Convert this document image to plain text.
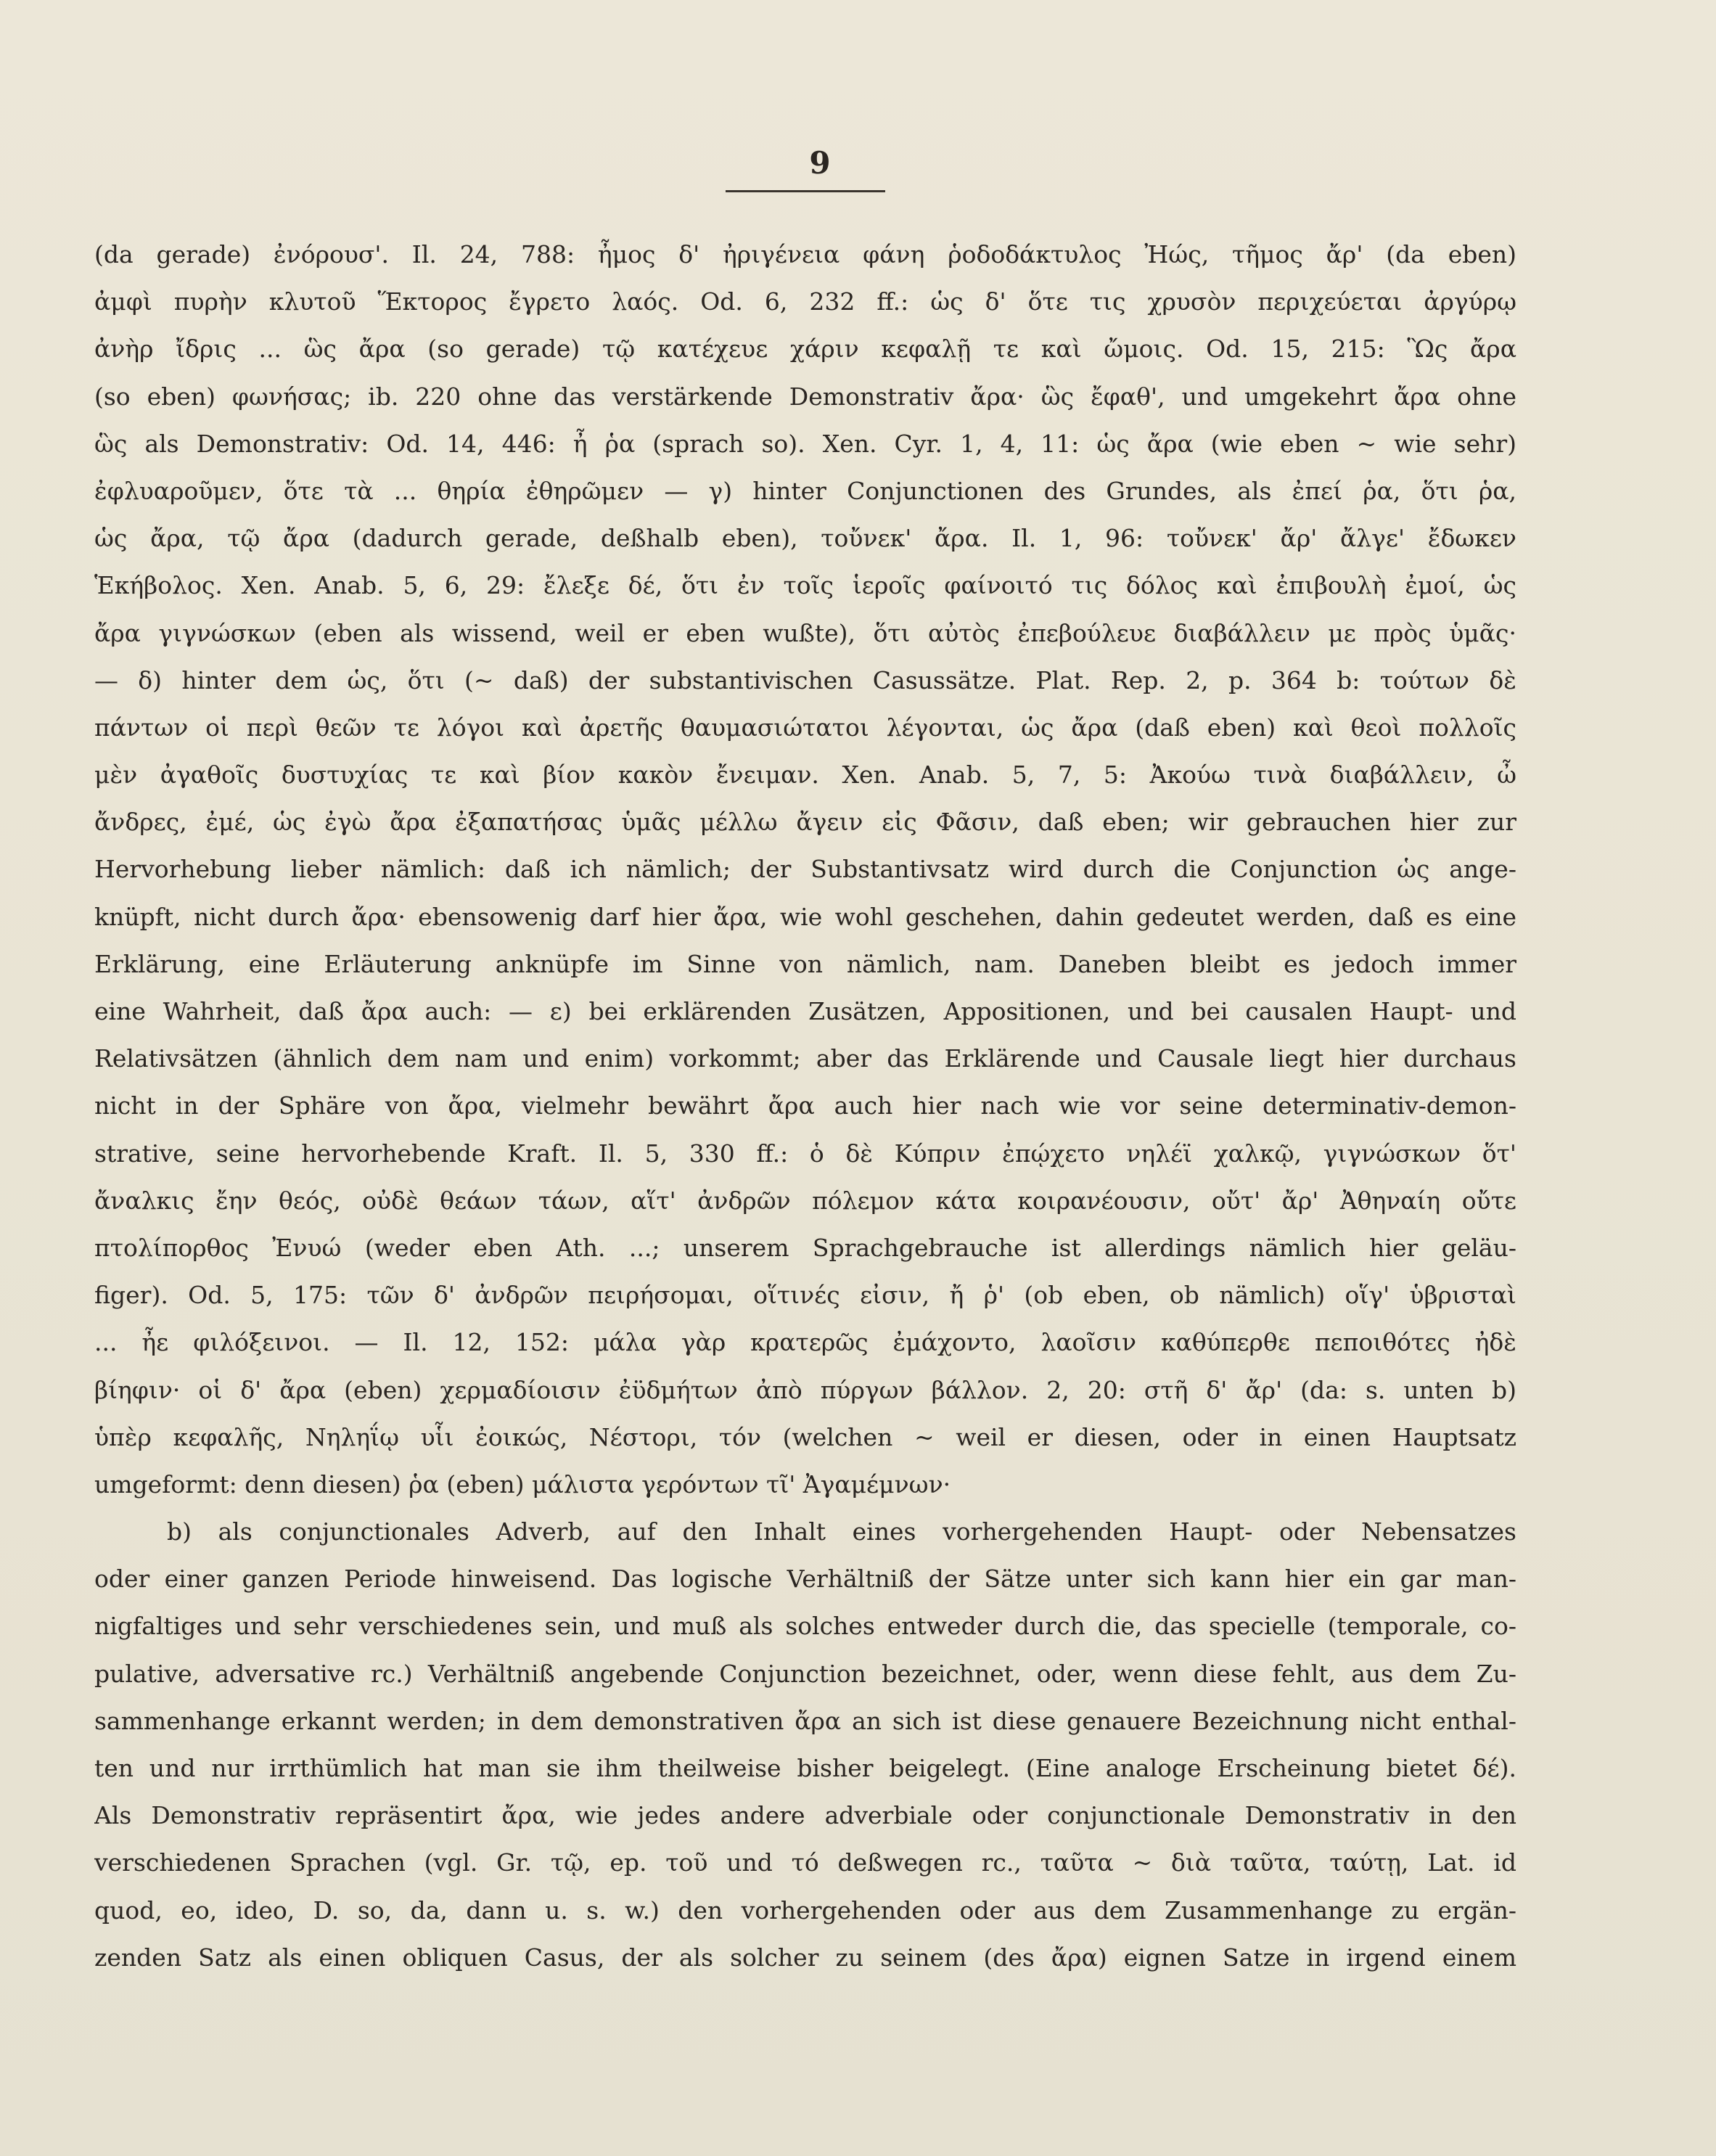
9
(da gerade) ἐνόρουσ'. Il. 24, 788: ἦμος δ' ἠριγένεια φάνη ῥοδοδάκτυλος Ἠώς, τῆμος ἄρ' (da eben)
ἀμφὶ πυρὴν κλυτοῦ Ἕκτορος ἔγρετο λαός. Od. 6, 232 ff.: ὡς δ' ὅτε τις χρυσὸν περιχεύεται ἀργύρῳ
ἀνὴρ ἴδρις ... ὣς ἄρα (so gerade) τῷ κατέχευε χάριν κεφαλῇ τε καὶ ὤμοις. Od. 15, 215: Ὣς ἄρα
(so eben) φωνήσας; ib. 220 ohne das verstärkende Demonstrativ ἄρα· ὣς ἔφαθ', und umgekehrt ἄρα ohne
ὣς als Demonstrativ: Od. 14, 446: ἦ ῥα (sprach so). Xen. Cyr. 1, 4, 11: ὡς ἄρα (wie eben ~ wie sehr)
ἐφλυαροῦμεν, ὅτε τὰ ... θηρία ἐθηρῶμεν — γ) hinter Conjunctionen des Grundes, als ἐπεί ῥα, ὅτι ῥα,
ὡς ἄρα, τῷ ἄρα (dadurch gerade, deßhalb eben), τοὔνεκ' ἄρα. Il. 1, 96: τοὔνεκ' ἄρ' ἄλγε' ἔδωκεν
Ἑκήβολος. Xen. Anab. 5, 6, 29: ἔλεξε δέ, ὅτι ἐν τοῖς ἱεροῖς φαίνοιτό τις δόλος καὶ ἐπιβουλὴ ἐμοί, ὡς
ἄρα γιγνώσκων (eben als wissend, weil er eben wußte), ὅτι αὐτὸς ἐπεβούλευε διαβάλλειν με πρὸς ὑμᾶς·
— δ) hinter dem ὡς, ὅτι (~ daß) der substantivischen Casussätze. Plat. Rep. 2, p. 364 b: τούτων δὲ
πάντων οἱ περὶ θεῶν τε λόγοι καὶ ἀρετῆς θαυμασιώτατοι λέγονται, ὡς ἄρα (daß eben) καὶ θεοὶ πολλοῖς
μὲν ἀγαθοῖς δυστυχίας τε καὶ βίον κακὸν ἔνειμαν. Xen. Anab. 5, 7, 5: Ἀκούω τινὰ διαβάλλειν, ὦ
ἄνδρες, ἐμέ, ὡς ἐγὼ ἄρα ἐξαπατήσας ὑμᾶς μέλλω ἄγειν εἰς Φᾶσιν, daß eben; wir gebrauchen hier zur
Hervorhebung lieber nämlich: daß ich nämlich; der Substantivsatz wird durch die Conjunction ὡς ange-
knüpft, nicht durch ἄρα· ebensowenig darf hier ἄρα, wie wohl geschehen, dahin gedeutet werden, daß es eine
Erklärung, eine Erläuterung anknüpfe im Sinne von nämlich, nam. Daneben bleibt es jedoch immer
eine Wahrheit, daß ἄρα auch: — ε) bei erklärenden Zusätzen, Appositionen, und bei causalen Haupt- und
Relativsätzen (ähnlich dem nam und enim) vorkommt; aber das Erklärende und Causale liegt hier durchaus
nicht in der Sphäre von ἄρα, vielmehr bewährt ἄρα auch hier nach wie vor seine determinativ-demon-
strative, seine hervorhebende Kraft. Il. 5, 330 ff.: ὁ δὲ Κύπριν ἐπῴχετο νηλέϊ χαλκῷ, γιγνώσκων ὅτ'
ἄναλκις ἔην θεός, οὐδὲ θεάων τάων, αἵτ' ἀνδρῶν πόλεμον κάτα κοιρανέουσιν, οὔτ' ἄρ' Ἀθηναίη οὔτε
πτολίπορθος Ἐνυώ (weder eben Ath. ...; unserem Sprachgebrauche ist allerdings nämlich hier geläu-
figer). Od. 5, 175: τῶν δ' ἀνδρῶν πειρήσομαι, οἵτινές εἰσιν, ἤ ῥ' (ob eben, ob nämlich) οἵγ' ὑβρισταὶ
... ἦε φιλόξεινοι. — Il. 12, 152: μάλα γὰρ κρατερῶς ἐμάχοντο, λαοῖσιν καθύπερθε πεποιθότες ἠδὲ
βίηφιν· οἱ δ' ἄρα (eben) χερμαδίοισιν ἐϋδμήτων ἀπὸ πύργων βάλλον. 2, 20: στῆ δ' ἄρ' (da: s. unten b)
ὑπὲρ κεφαλῆς, Νηληΐῳ υἷι ἐοικώς, Νέστορι, τόν (welchen ~ weil er diesen, oder in einen Hauptsatz
umgeformt: denn diesen) ῥα (eben) μάλιστα γερόντων τῖ' Ἀγαμέμνων·
b) als conjunctionales Adverb, auf den Inhalt eines vorhergehenden Haupt- oder Nebensatzes
oder einer ganzen Periode hinweisend. Das logische Verhältniß der Sätze unter sich kann hier ein gar man-
nigfaltiges und sehr verschiedenes sein, und muß als solches entweder durch die, das specielle (temporale, co-
pulative, adversative rc.) Verhältniß angebende Conjunction bezeichnet, oder, wenn diese fehlt, aus dem Zu-
sammenhange erkannt werden; in dem demonstrativen ἄρα an sich ist diese genauere Bezeichnung nicht enthal-
ten und nur irrthümlich hat man sie ihm theilweise bisher beigelegt. (Eine analoge Erscheinung bietet δέ).
Als Demonstrativ repräsentirt ἄρα, wie jedes andere adverbiale oder conjunctionale Demonstrativ in den
verschiedenen Sprachen (vgl. Gr. τῷ, ep. τοῦ und τό deßwegen rc., ταῦτα ~ διὰ ταῦτα, ταύτῃ, Lat. id
quod, eo, ideo, D. so, da, dann u. s. w.) den vorhergehenden oder aus dem Zusammenhange zu ergän-
zenden Satz als einen obliquen Casus, der als solcher zu seinem (des ἄρα) eignen Satze in irgend einem
